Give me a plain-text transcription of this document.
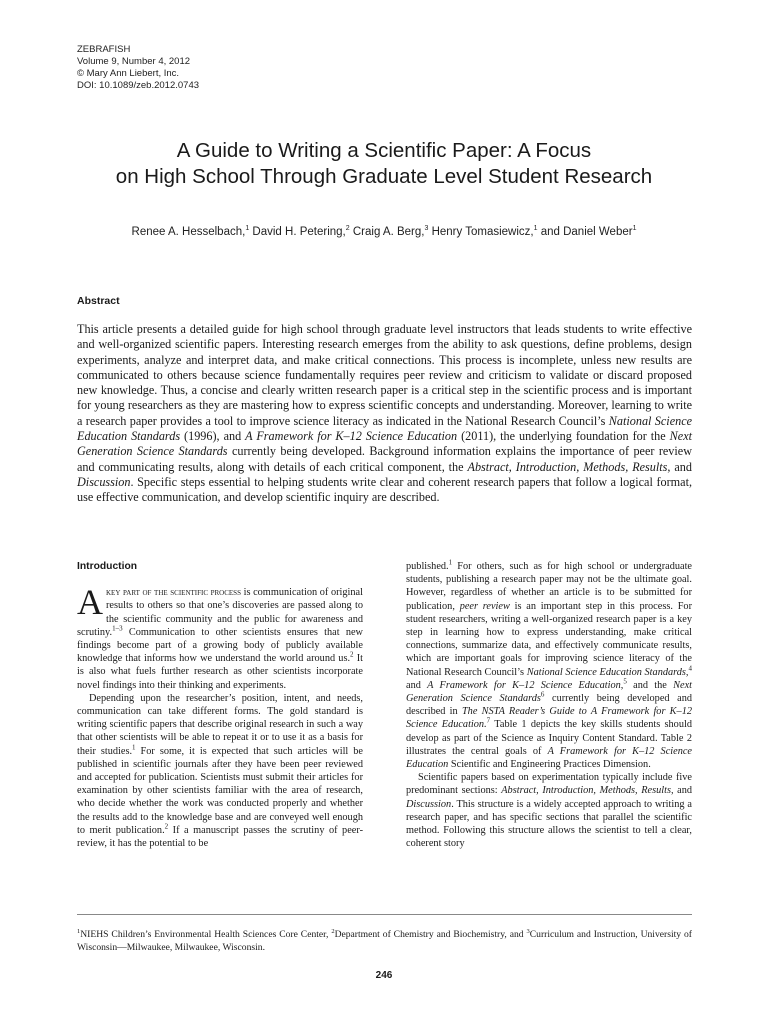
ZEBRAFISH
Volume 9, Number 4, 2012
© Mary Ann Liebert, Inc.
DOI: 10.1089/zeb.2012.0743
A Guide to Writing a Scientific Paper: A Focus
on High School Through Graduate Level Student Research
Renee A. Hesselbach,$^1$ David H. Petering,$^2$ Craig A. Berg,$^3$ Henry Tomasiewicz,$^1$ and Daniel Weber$^1$
Abstract
This article presents a detailed guide for high school through graduate level instructors that leads students to write effective and well-organized scientific papers. Interesting research emerges from the ability to ask questions, define problems, design experiments, analyze and interpret data, and make critical connections. This process is incomplete, unless new results are communicated to others because science fundamentally requires peer review and criticism to validate or discard proposed new knowledge. Thus, a concise and clearly written research paper is a critical step in the scientific process and is important for young researchers as they are mastering how to express scientific concepts and understanding. Moreover, learning to write a research paper provides a tool to improve science literacy as indicated in the National Research Council’s National Science Education Standards (1996), and A Framework for K–12 Science Education (2011), the underlying foundation for the Next Generation Science Standards currently being developed. Background information explains the importance of peer review and communicating results, along with details of each critical component, the Abstract, Introduction, Methods, Results, and Discussion. Specific steps essential to helping students write clear and coherent research papers that follow a logical format, use effective communication, and develop scientific inquiry are described.
Introduction

Akey part of the scientific process is communication of original results to others so that one’s discoveries are passed along to the scientific community and the public for awareness and scrutiny.$^{1-3}$ Communication to other scientists ensures that new findings become part of a growing body of publicly available knowledge that informs how we understand the world around us.$^2$ It is also what fuels further research as other scientists incorporate novel findings into their thinking and experiments.

Depending upon the researcher’s position, intent, and needs, communication can take different forms. The gold standard is writing scientific papers that describe original research in such a way that other scientists will be able to repeat it or to use it as a basis for their studies.$^1$ For some, it is expected that such articles will be published in scientific journals after they have been peer reviewed and accepted for publication. Scientists must submit their articles for examination by other scientists familiar with the area of research, who decide whether the work was conducted properly and whether the results add to the knowledge base and are conveyed well enough to merit publication.$^2$ If a manuscript passes the scrutiny of peer-review, it has the potential to be

published.$^1$ For others, such as for high school or undergraduate students, publishing a research paper may not be the ultimate goal. However, regardless of whether an article is to be submitted for publication, peer review is an important step in this process. For student researchers, writing a well-organized research paper is a key step in learning how to express understanding, make critical connections, summarize data, and effectively communicate results, which are important goals for improving science literacy of the National Research Council’s National Science Education Standards,$^4$ and A Framework for K–12 Science Education,$^5$ and the Next Generation Science Standards$^6$ currently being developed and described in The NSTA Reader’s Guide to A Framework for K–12 Science Education.$^7$ Table 1 depicts the key skills students should develop as part of the Science as Inquiry Content Standard. Table 2 illustrates the central goals of A Framework for K–12 Science Education Scientific and Engineering Practices Dimension.

Scientific papers based on experimentation typically include five predominant sections: Abstract, Introduction, Methods, Results, and Discussion. This structure is a widely accepted approach to writing a research paper, and has specific sections that parallel the scientific method. Following this structure allows the scientist to tell a clear, coherent story

$^1$NIEHS Children’s Environmental Health Sciences Core Center, $^2$Department of Chemistry and Biochemistry, and $^3$Curriculum and Instruction, University of Wisconsin—Milwaukee, Milwaukee, Wisconsin.
246
